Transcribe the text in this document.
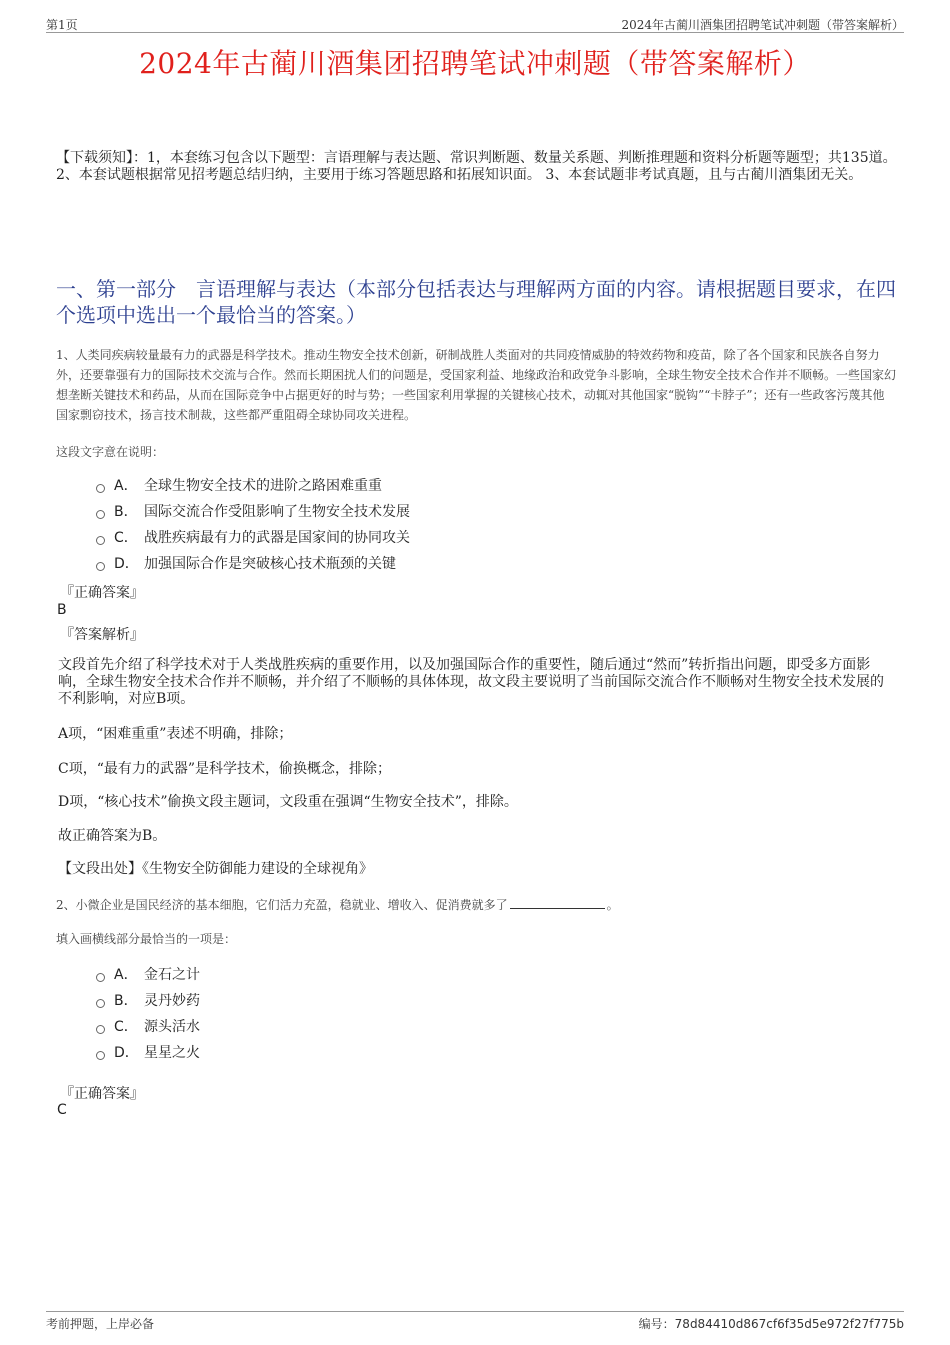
第1页	2024年古蔺川酒集团招聘笔试冲刺题（带答案解析）
2024年古蔺川酒集团招聘笔试冲刺题（带答案解析）
【下载须知】：1，本套练习包含以下题型：言语理解与表达题、常识判断题、数量关系题、判断推理题和资料分析题等题型；共135道。 2、本套试题根据常见招考题总结归纳，主要用于练习答题思路和拓展知识面。 3、本套试题非考试真题，且与古蔺川酒集团无关。
一、第一部分　言语理解与表达（本部分包括表达与理解两方面的内容。请根据题目要求，在四个选项中选出一个最恰当的答案。）
1、人类同疾病较量最有力的武器是科学技术。推动生物安全技术创新，研制战胜人类面对的共同疫情威胁的特效药物和疫苗，除了各个国家和民族各自努力外，还要靠强有力的国际技术交流与合作。然而长期困扰人们的问题是，受国家利益、地缘政治和政党争斗影响，全球生物安全技术合作并不顺畅。一些国家幻想垄断关键技术和药品，从而在国际竞争中占据更好的时与势；一些国家利用掌握的关键核心技术，动辄对其他国家“脱钩”“卡脖子”；还有一些政客污蔑其他国家剽窃技术，扬言技术制裁，这些都严重阻碍全球协同攻关进程。
这段文字意在说明：
A． 全球生物安全技术的进阶之路困难重重
B． 国际交流合作受阻影响了生物安全技术发展
C． 战胜疾病最有力的武器是国家间的协同攻关
D． 加强国际合作是突破核心技术瓶颈的关键
『正确答案』
B
『答案解析』
文段首先介绍了科学技术对于人类战胜疾病的重要作用，以及加强国际合作的重要性，随后通过“然而”转折指出问题，即受多方面影响，全球生物安全技术合作并不顺畅，并介绍了不顺畅的具体体现，故文段主要说明了当前国际交流合作不顺畅对生物安全技术发展的不利影响，对应B项。
A项，“困难重重”表述不明确，排除；
C项，“最有力的武器”是科学技术，偷换概念，排除；
D项，“核心技术”偷换文段主题词，文段重在强调“生物安全技术”，排除。
故正确答案为B。
【文段出处】《生物安全防御能力建设的全球视角》
2、小微企业是国民经济的基本细胞，它们活力充盈，稳就业、增收入、促消费就多了	。
填入画横线部分最恰当的一项是：
A． 金石之计
B． 灵丹妙药
C． 源头活水
D． 星星之火
『正确答案』
C
考前押题，上岸必备	编号：78d84410d867cf6f35d5e972f27f775b
